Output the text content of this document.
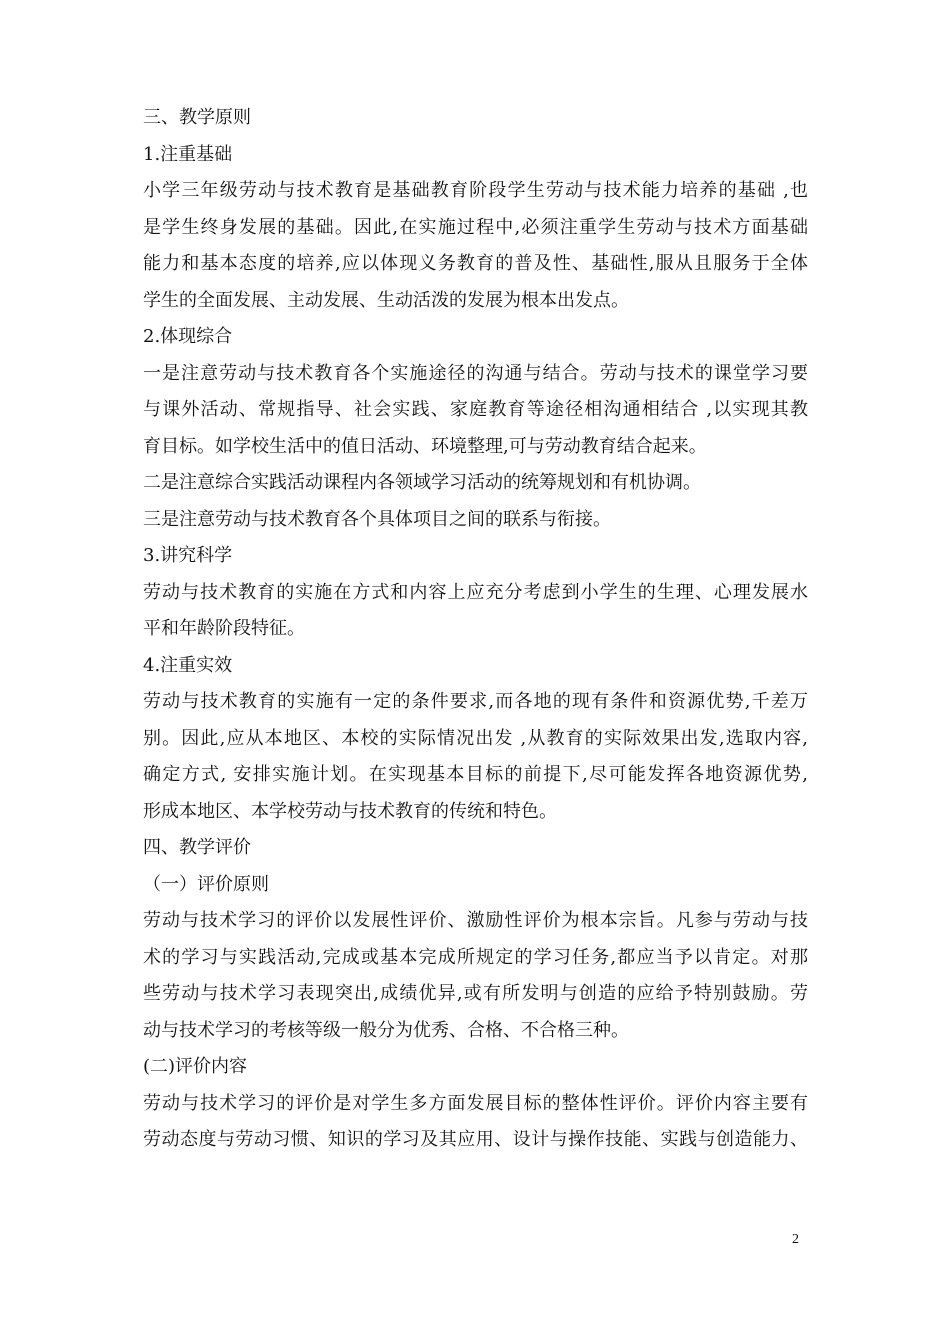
三、教学原则
1.注重基础
小学三年级劳动与技术教育是基础教育阶段学生劳动与技术能力培养的基础 ,也
是学生终身发展的基础。因此,在实施过程中,必须注重学生劳动与技术方面基础
能力和基本态度的培养,应以体现义务教育的普及性、基础性,服从且服务于全体
学生的全面发展、主动发展、生动活泼的发展为根本出发点。
2.体现综合
一是注意劳动与技术教育各个实施途径的沟通与结合。劳动与技术的课堂学习要
与课外活动、常规指导、社会实践、家庭教育等途径相沟通相结合 ,以实现其教
育目标。如学校生活中的值日活动、环境整理,可与劳动教育结合起来。
二是注意综合实践活动课程内各领域学习活动的统筹规划和有机协调。
三是注意劳动与技术教育各个具体项目之间的联系与衔接。
3.讲究科学
劳动与技术教育的实施在方式和内容上应充分考虑到小学生的生理、心理发展水
平和年龄阶段特征。
4.注重实效
劳动与技术教育的实施有一定的条件要求,而各地的现有条件和资源优势,千差万
别。因此,应从本地区、本校的实际情况出发 ,从教育的实际效果出发,选取内容,
确定方式, 安排实施计划。在实现基本目标的前提下,尽可能发挥各地资源优势,
形成本地区、本学校劳动与技术教育的传统和特色。
四、教学评价
（一）评价原则
劳动与技术学习的评价以发展性评价、激励性评价为根本宗旨。凡参与劳动与技
术的学习与实践活动,完成或基本完成所规定的学习任务,都应当予以肯定。对那
些劳动与技术学习表现突出,成绩优异,或有所发明与创造的应给予特别鼓励。劳
动与技术学习的考核等级一般分为优秀、合格、不合格三种。
(二)评价内容
劳动与技术学习的评价是对学生多方面发展目标的整体性评价。评价内容主要有
劳动态度与劳动习惯、知识的学习及其应用、设计与操作技能、实践与创造能力、
2
